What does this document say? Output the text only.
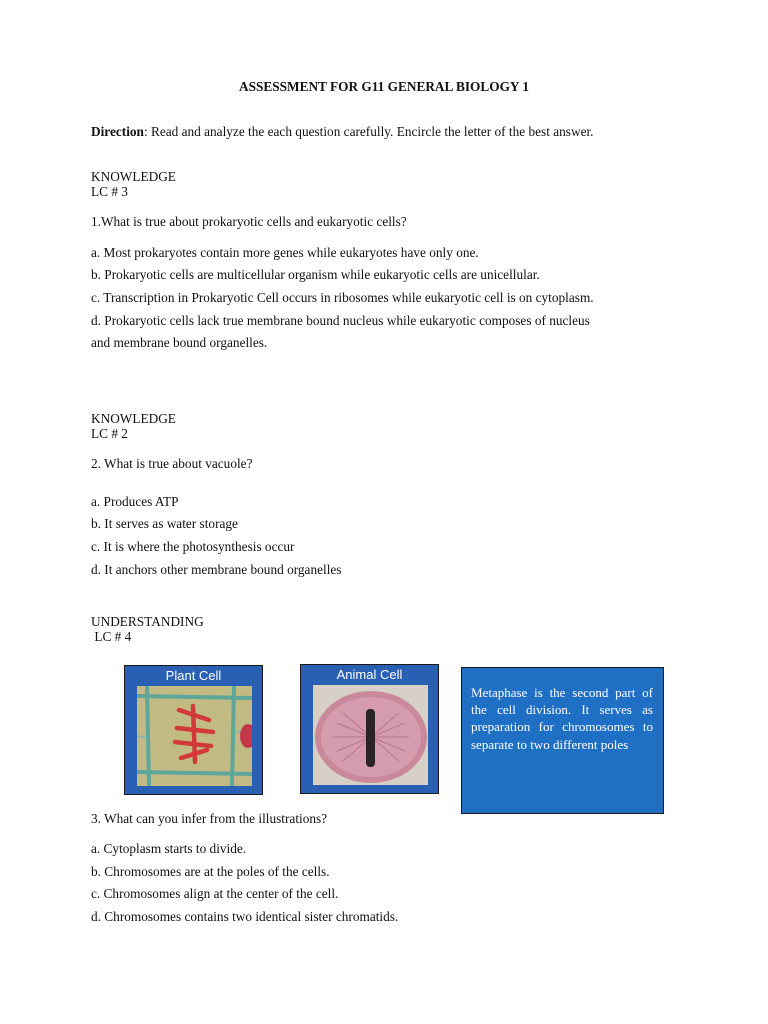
ASSESSMENT FOR G11 GENERAL BIOLOGY 1
Direction: Read and analyze the each question carefully. Encircle the letter of the best answer.
KNOWLEDGE
LC # 3
1.What is true about prokaryotic cells and eukaryotic cells?
a. Most prokaryotes contain more genes while eukaryotes have only one.
b. Prokaryotic cells are multicellular organism while eukaryotic cells are unicellular.
c. Transcription in Prokaryotic Cell occurs in ribosomes while eukaryotic cell is on cytoplasm.
d. Prokaryotic cells lack true membrane bound nucleus while eukaryotic composes of nucleus
and membrane bound organelles.
KNOWLEDGE
LC # 2
2. What is true about vacuole?
a. Produces ATP
b. It serves as water storage
c. It is where the photosynthesis occur
d. It anchors other membrane bound organelles
UNDERSTANDING
LC # 4
Plant Cell	Animal Cell
Metaphase is the second part of the cell division. It serves as preparation for chromosomes to separate to two different poles
3. What can you infer from the illustrations?
a. Cytoplasm starts to divide.
b. Chromosomes are at the poles of the cells.
c. Chromosomes align at the center of the cell.
d. Chromosomes contains two identical sister chromatids.
